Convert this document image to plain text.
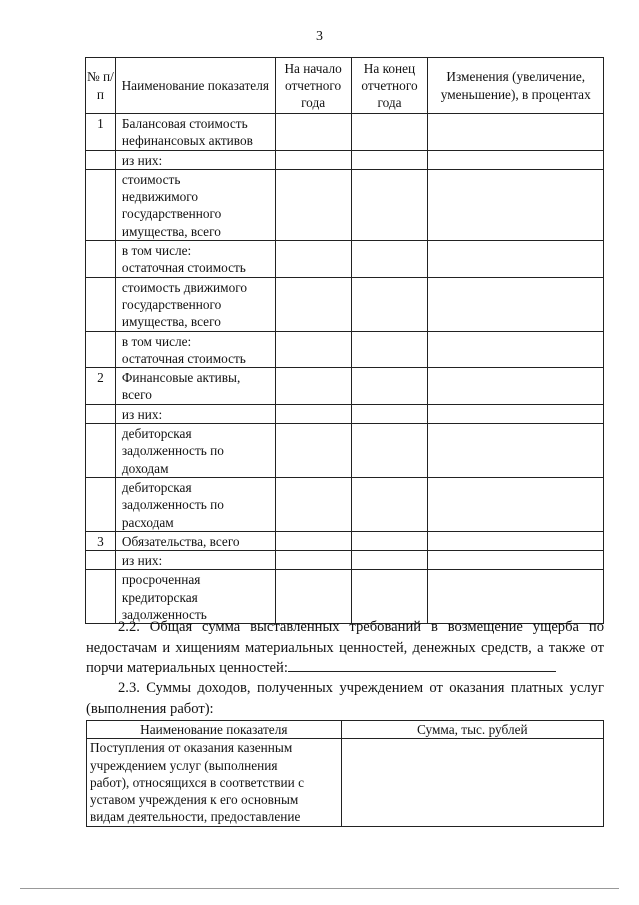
3
№ п/п	Наименование показателя	На начало отчетного года	На конец отчетного года	Изменения (увеличение, уменьшение), в процентах
1	Балансовая стоимость
нефинансовых активов			

	из них:			

	стоимость
недвижимого
государственного
имущества, всего			

	в том числе:
остаточная стоимость			

	стоимость движимого
государственного
имущества, всего			

	в том числе:
остаточная стоимость			

2	Финансовые активы,
всего			

	из них:			

	дебиторская
задолженность по
доходам			

	дебиторская
задолженность по
расходам			

3	Обязательства, всего			

	из них:			

	просроченная
кредиторская
задолженность			

2.2. Общая сумма выставленных требований в возмещение ущерба по недостачам и хищениям материальных ценностей, денежных средств, а также от порчи материальных ценностей:
2.3. Суммы доходов, полученных учреждением от оказания платных услуг (выполнения работ):
Наименование показателя	Сумма, тыс. рублей

Поступления от оказания казенным
учреждением услуг (выполнения
работ), относящихся в соответствии с
уставом учреждения к его основным
видам деятельности, предоставление	
